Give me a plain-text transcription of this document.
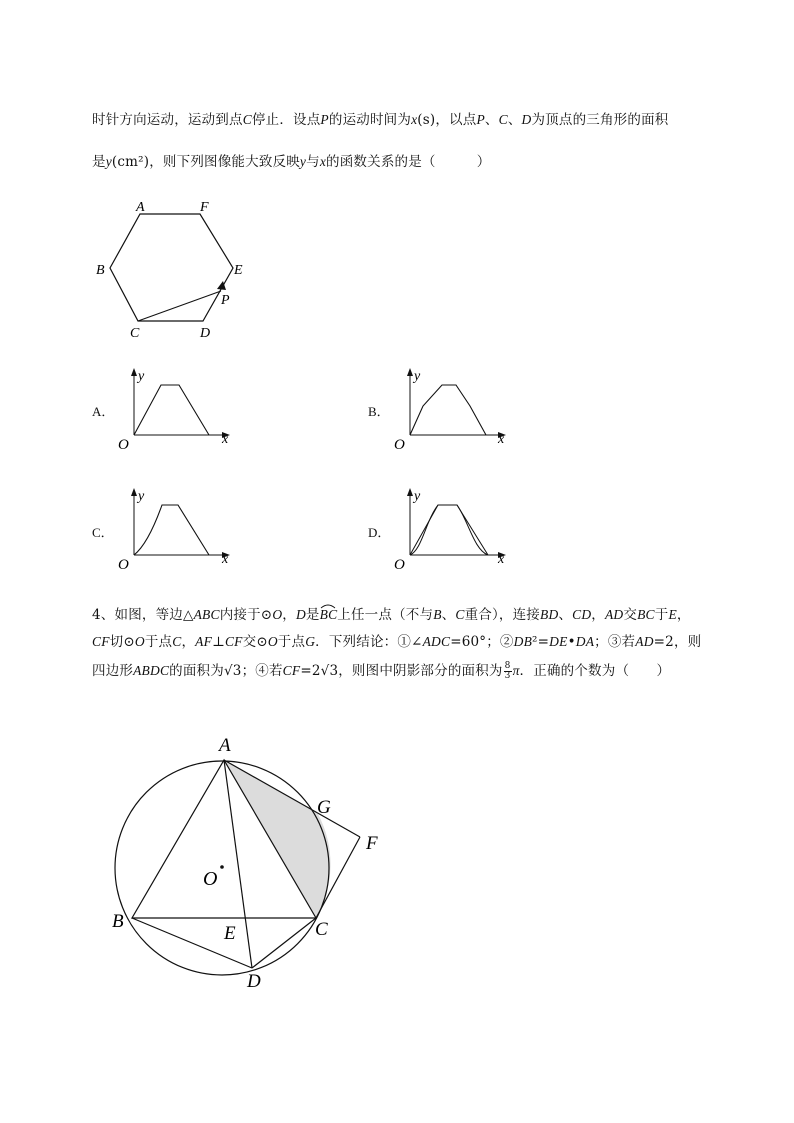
时针方向运动，运动到点C停止．设点P的运动时间为x(s)，以点P、C、D为顶点的三角形的面积
是y(cm²)，则下列图像能大致反映y与x的函数关系的是（　　　）
A	F
B	E
P
C	D
A．	B．
C．	D．
y
x
O
y
x
O
y
x
O
y
x
O
4、如图，等边△ABC内接于⊙O，D是
BC上任一点（不与B、C重合），连接BD、CD，AD交BC于E，
CF切⊙O于点C，AF⊥CF交⊙O于点G．下列结论：①∠ADC=60°；②DB²=DE•DA；③若AD=2，则
四边形ABDC的面积为√3；④若CF=2√3，则图中阴影部分的面积为 $\frac{8}{3}$ π．正确的个数为（　　）
A
G
F
O
B
E	C
D
